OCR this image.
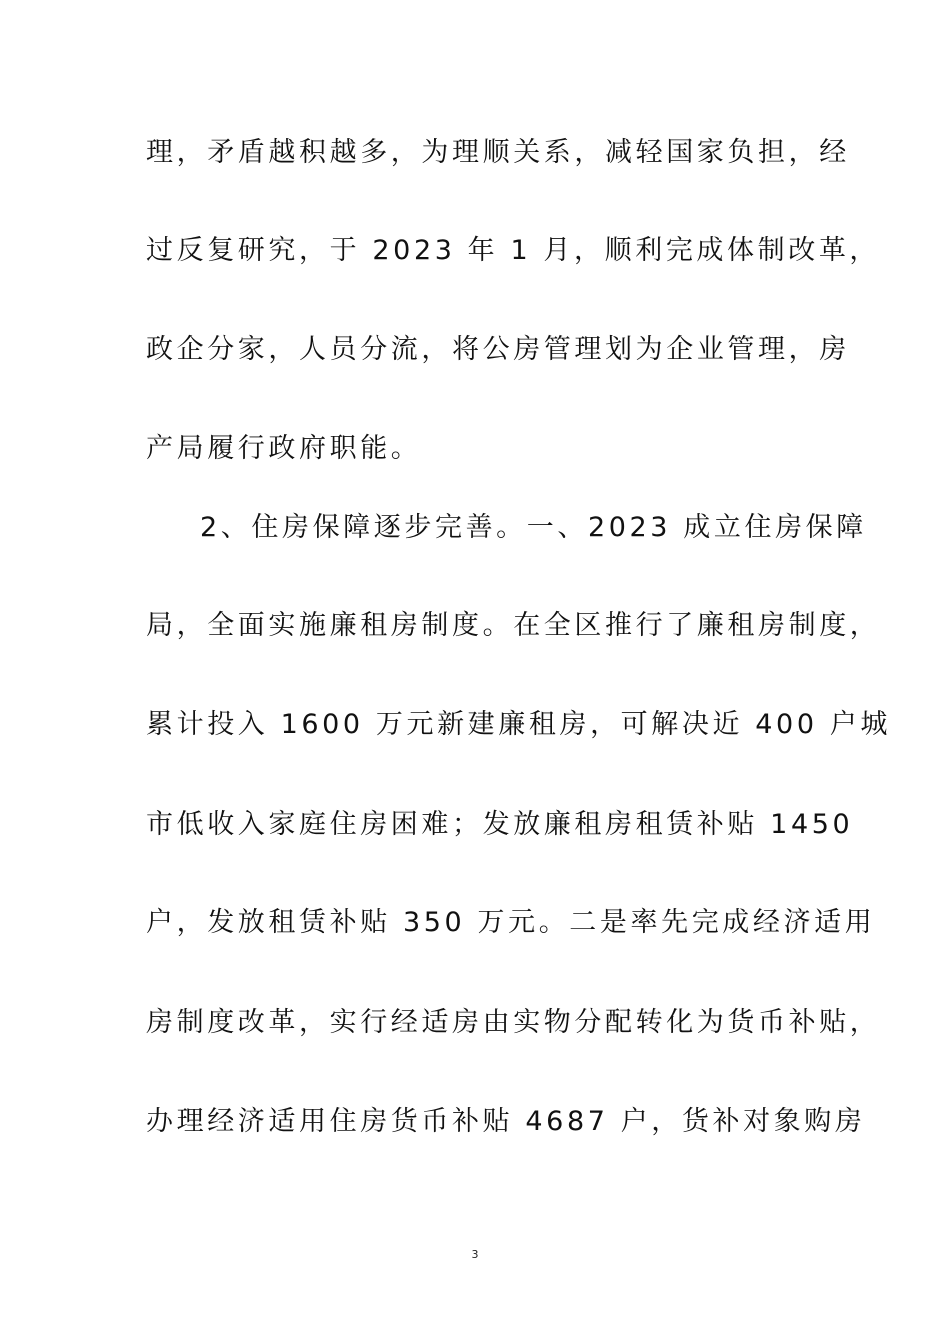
理，矛盾越积越多，为理顺关系，减轻国家负担，经
过反复研究，于 2023 年 1 月，顺利完成体制改革，
政企分家，人员分流，将公房管理划为企业管理，房
产局履行政府职能。
2、住房保障逐步完善。一、2023 成立住房保障
局，全面实施廉租房制度。在全区推行了廉租房制度，
累计投入 1600 万元新建廉租房，可解决近 400 户城
市低收入家庭住房困难；发放廉租房租赁补贴 1450
户，发放租赁补贴 350 万元。二是率先完成经济适用
房制度改革，实行经适房由实物分配转化为货币补贴，
办理经济适用住房货币补贴 4687 户，货补对象购房
3
